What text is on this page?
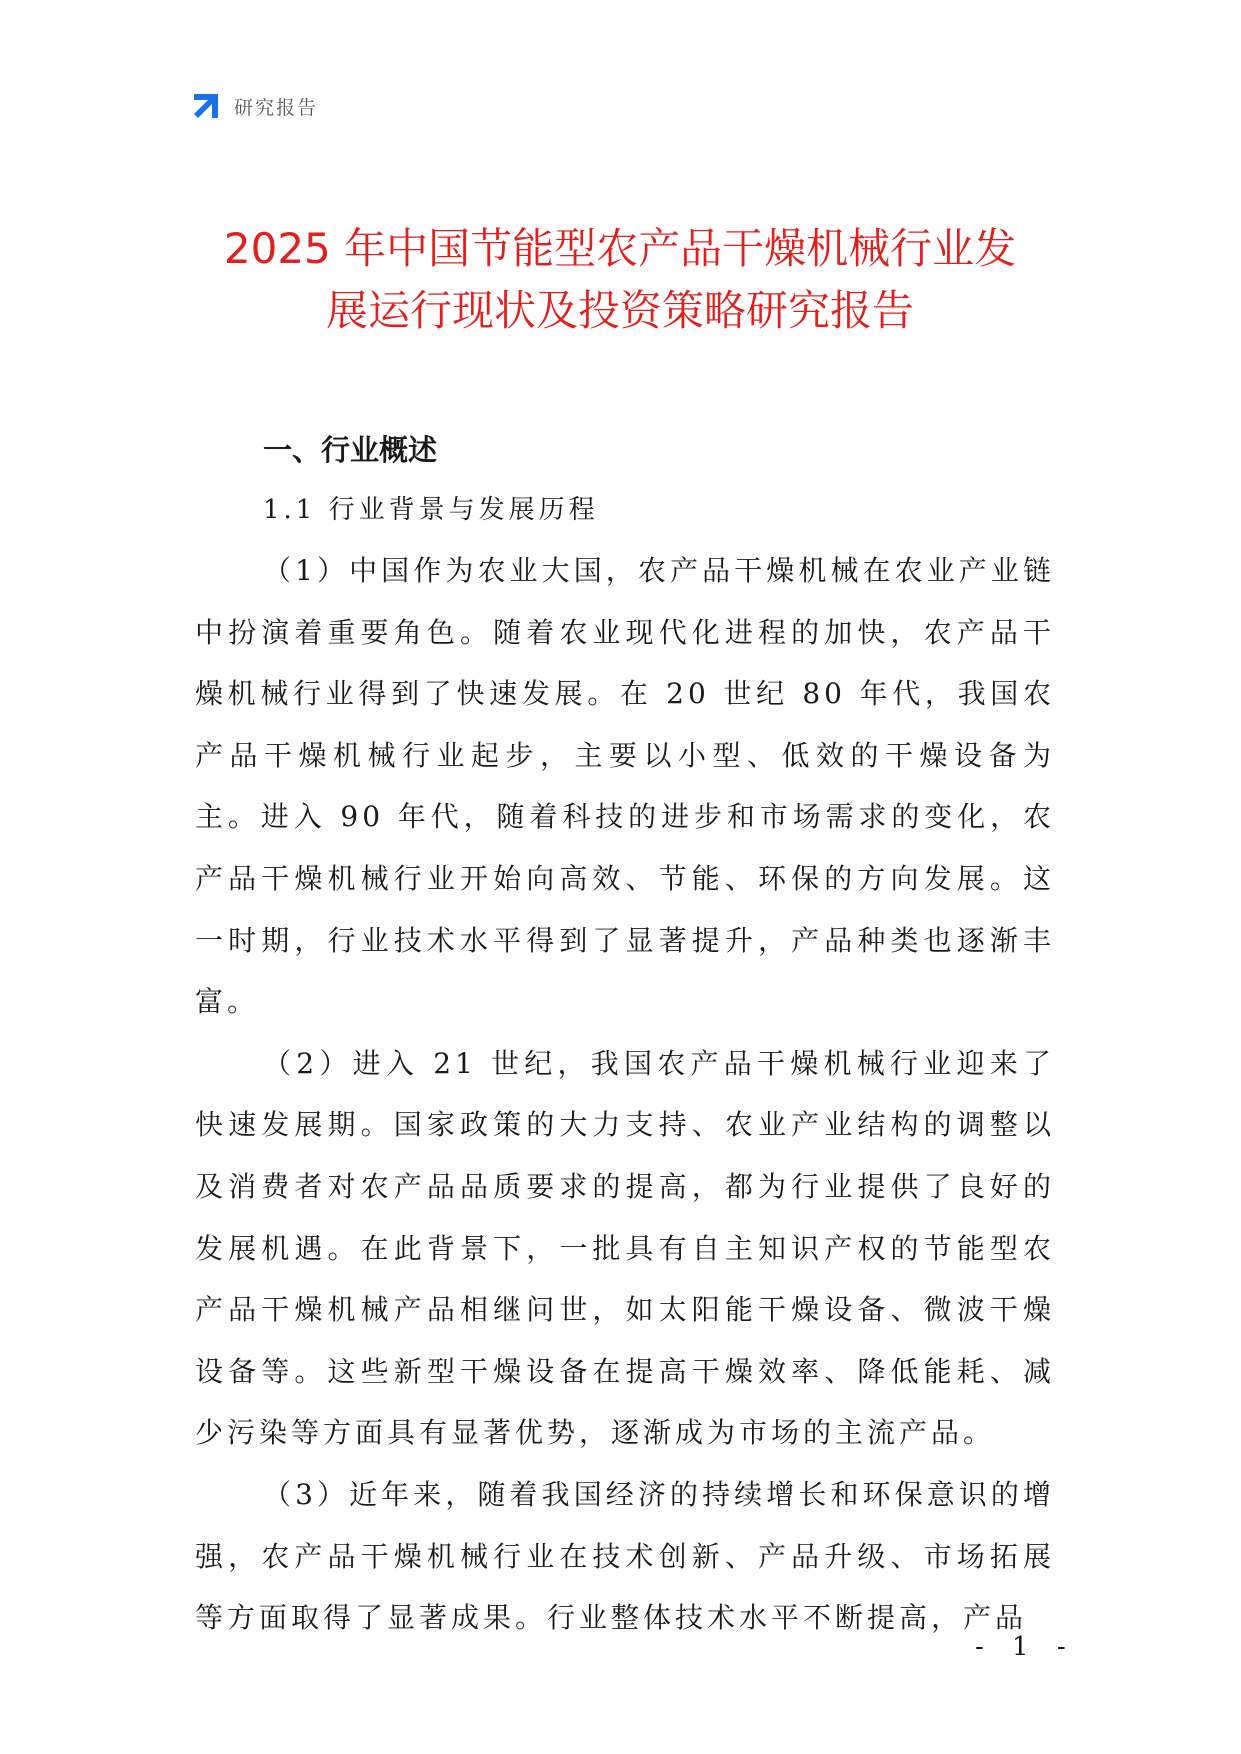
研究报告
2025 年中国节能型农产品干燥机械行业发
展运行现状及投资策略研究报告
一、行业概述
1.1 行业背景与发展历程

（1）中国作为农业大国，农产品干燥机械在农业产业链中扮演着重要角色。随着农业现代化进程的加快，农产品干燥机械行业得到了快速发展。在 20 世纪 80 年代，我国农产品干燥机械行业起步，主要以小型、低效的干燥设备为主。进入 90 年代，随着科技的进步和市场需求的变化，农产品干燥机械行业开始向高效、节能、环保的方向发展。这一时期，行业技术水平得到了显著提升，产品种类也逐渐丰富。

（2）进入 21 世纪，我国农产品干燥机械行业迎来了快速发展期。国家政策的大力支持、农业产业结构的调整以及消费者对农产品品质要求的提高，都为行业提供了良好的发展机遇。在此背景下，一批具有自主知识产权的节能型农产品干燥机械产品相继问世，如太阳能干燥设备、微波干燥设备等。这些新型干燥设备在提高干燥效率、降低能耗、减少污染等方面具有显著优势，逐渐成为市场的主流产品。

（3）近年来，随着我国经济的持续增长和环保意识的增强，农产品干燥机械行业在技术创新、产品升级、市场拓展等方面取得了显著成果。行业整体技术水平不断提高，产品

- 1 -
